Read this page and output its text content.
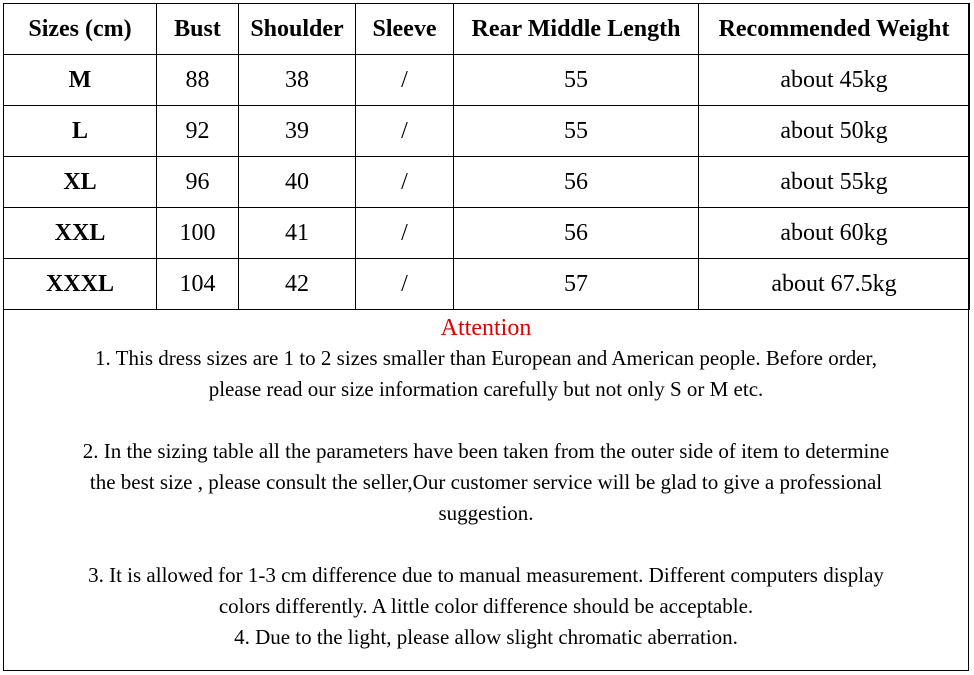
Sizes (cm)	Bust	Shoulder	Sleeve	Rear Middle Length	Recommended Weight
M	88	38	/	55	about 45kg
L	92	39	/	55	about 50kg
XL	96	40	/	56	about 55kg
XXL	100	41	/	56	about 60kg
XXXL	104	42	/	57	about 67.5kg

Attention

1. This dress sizes are 1 to 2 sizes smaller than European and American people. Before order,

please read our size information carefully but not only S or M etc.

2. In the sizing table all the parameters have been taken from the outer side of item to determine

the best size , please consult the seller,Our customer service will be glad to give a professional

suggestion.

3. It is allowed for 1-3 cm difference due to manual measurement. Different computers display

colors differently. A little color difference should be acceptable.

4. Due to the light, please allow slight chromatic aberration.
